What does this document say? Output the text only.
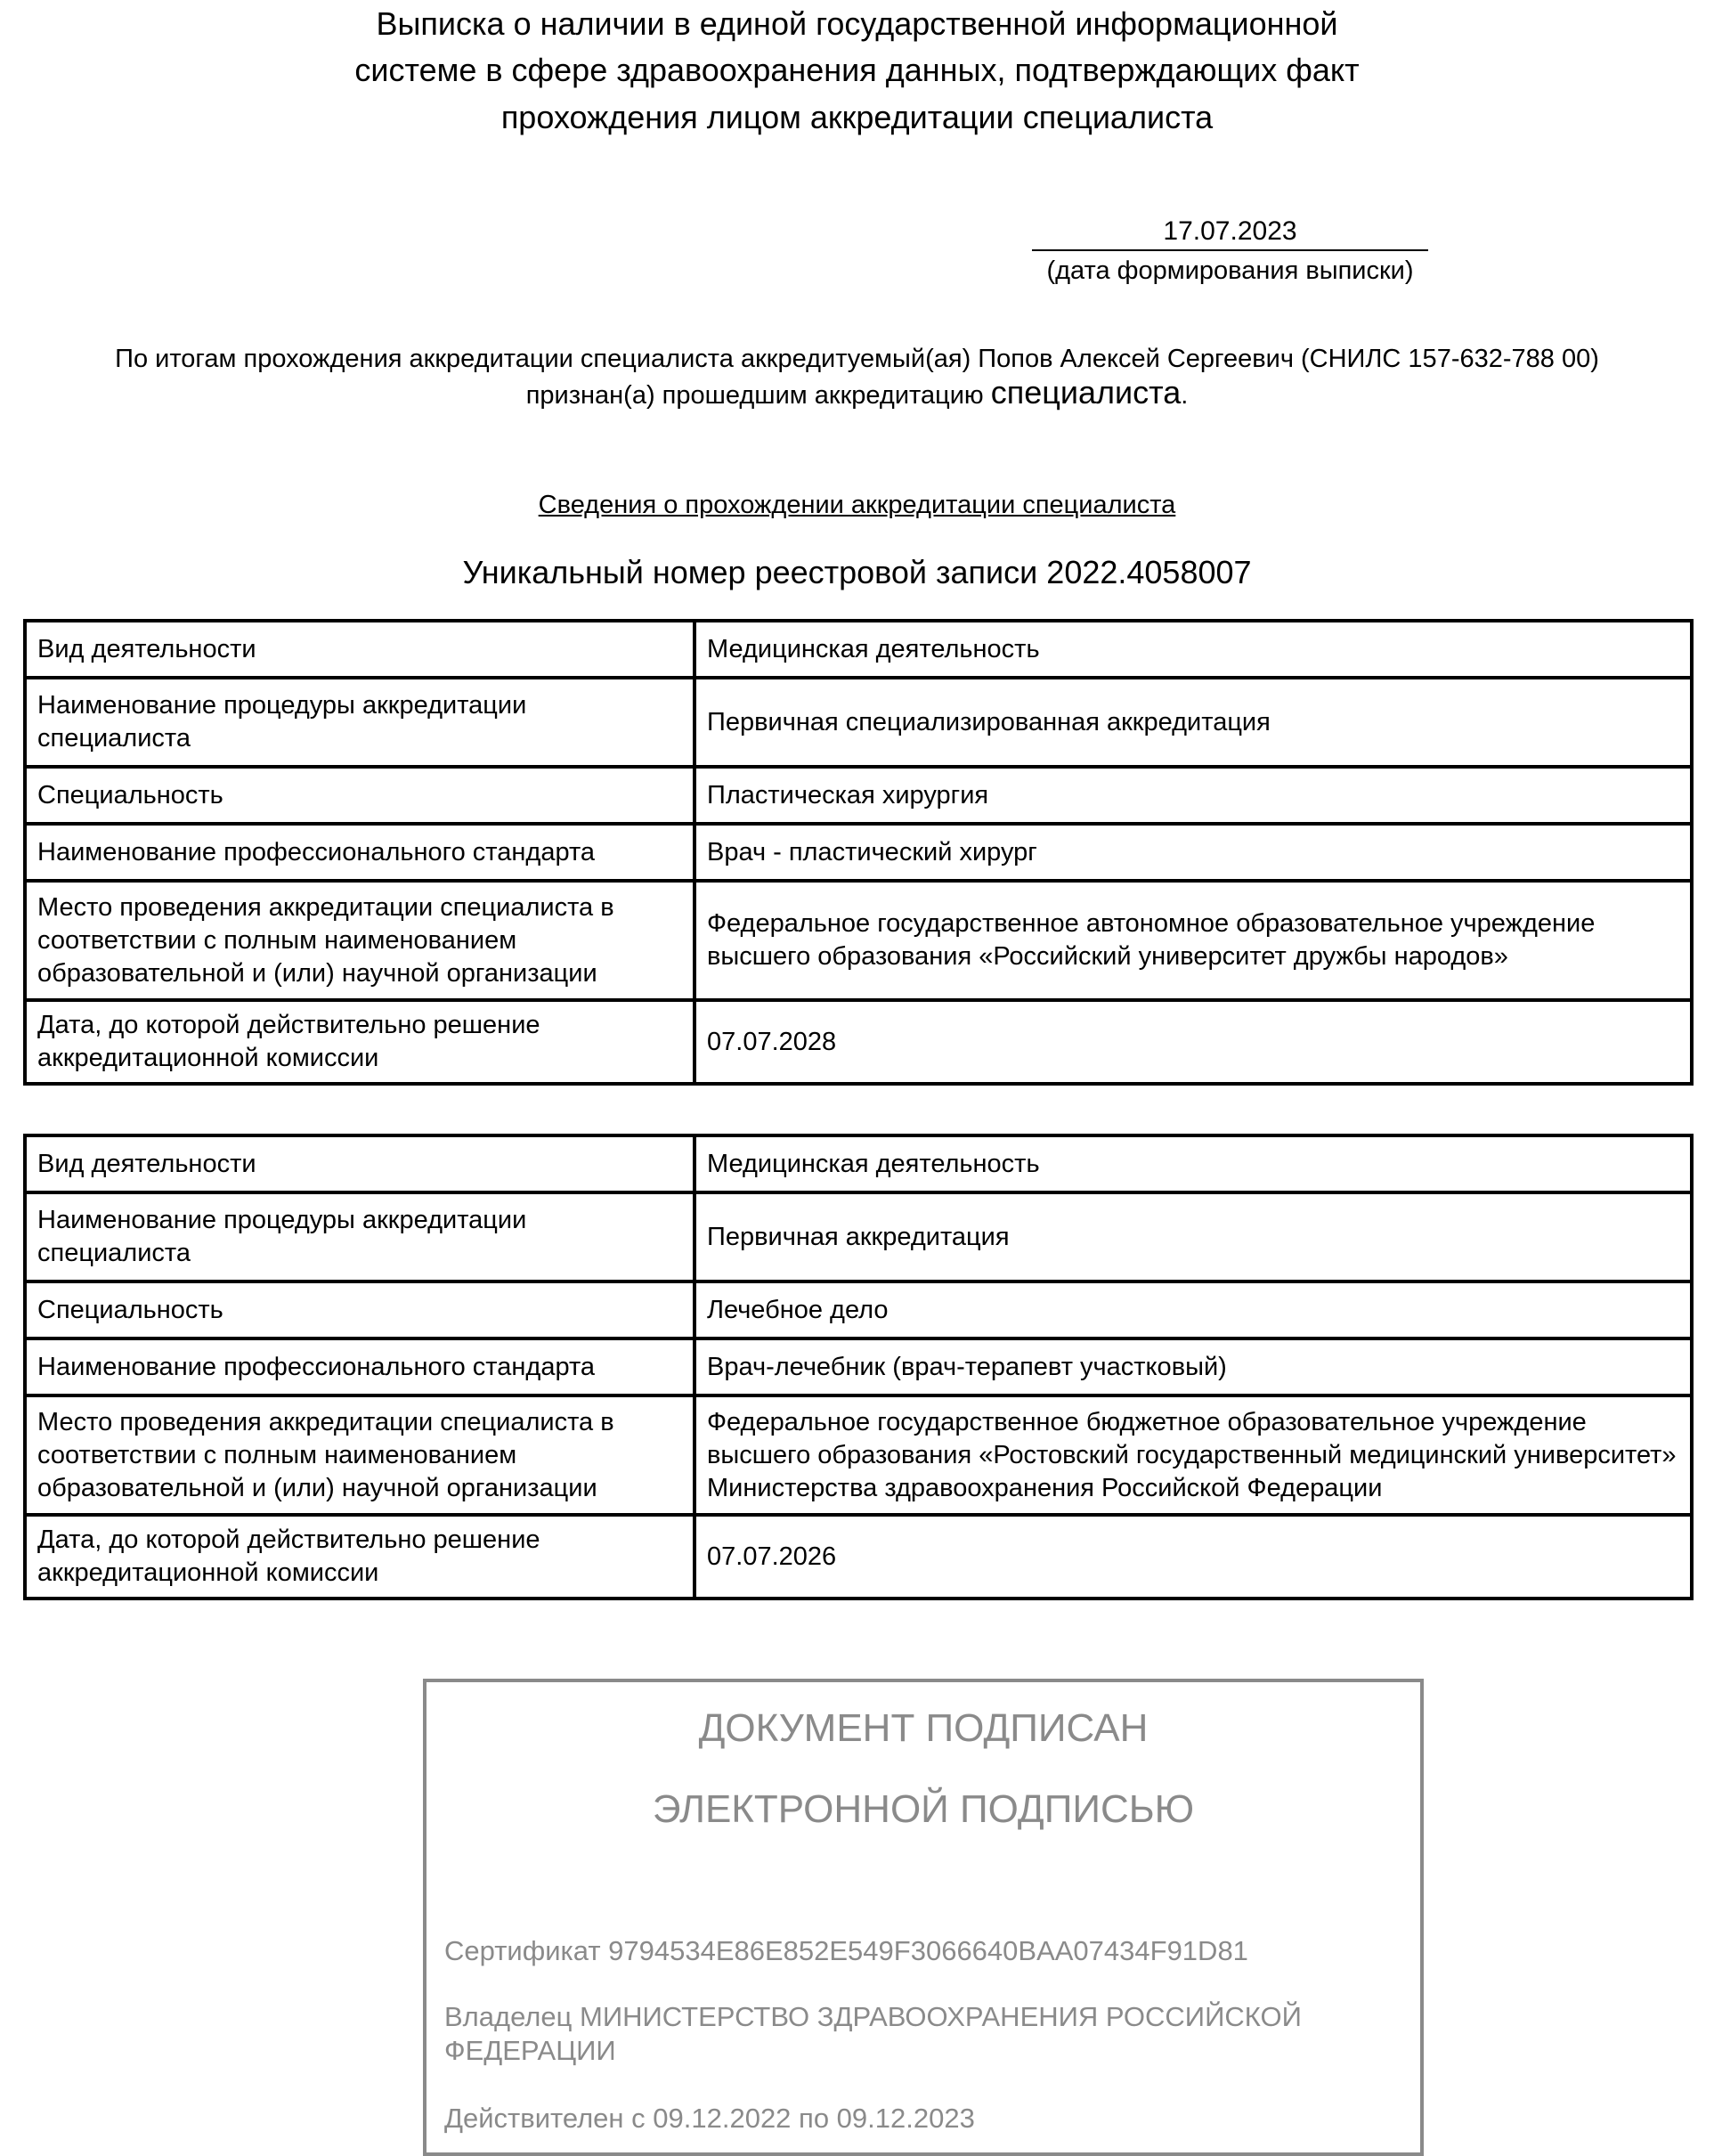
Выписка о наличии в единой государственной информационной
системе в сфере здравоохранения данных, подтверждающих факт
прохождения лицом аккредитации специалиста
17.07.2023
(дата формирования выписки)
По итогам прохождения аккредитации специалиста аккредитуемый(ая) Попов Алексей Сергеевич (СНИЛС 157-632-788 00)
признан(а) прошедшим аккредитацию специалиста.
Сведения о прохождении аккредитации специалиста
Уникальный номер реестровой записи 2022.4058007
Вид деятельности	Медицинская деятельность
Наименование процедуры аккредитации специалиста	Первичная специализированная аккредитация
Специальность	Пластическая хирургия
Наименование профессионального стандарта	Врач - пластический хирург
Место проведения аккредитации специалиста в соответствии с полным наименованием образовательной и (или) научной организации	Федеральное государственное автономное образовательное учреждение высшего образования «Российский университет дружбы народов»
Дата, до которой действительно решение аккредитационной комиссии	07.07.2028
Вид деятельности	Медицинская деятельность
Наименование процедуры аккредитации специалиста	Первичная аккредитация
Специальность	Лечебное дело
Наименование профессионального стандарта	Врач-лечебник (врач-терапевт участковый)
Место проведения аккредитации специалиста в соответствии с полным наименованием образовательной и (или) научной организации	Федеральное государственное бюджетное образовательное учреждение высшего образования «Ростовский государственный медицинский университет» Министерства здравоохранения Российской Федерации
Дата, до которой действительно решение аккредитационной комиссии	07.07.2026
ДОКУМЕНТ ПОДПИСАН
ЭЛЕКТРОННОЙ ПОДПИСЬЮ
Сертификат 9794534E86E852E549F3066640BAA07434F91D81
Владелец МИНИСТЕРСТВО ЗДРАВООХРАНЕНИЯ РОССИЙСКОЙ ФЕДЕРАЦИИ
Действителен с 09.12.2022 по 09.12.2023
